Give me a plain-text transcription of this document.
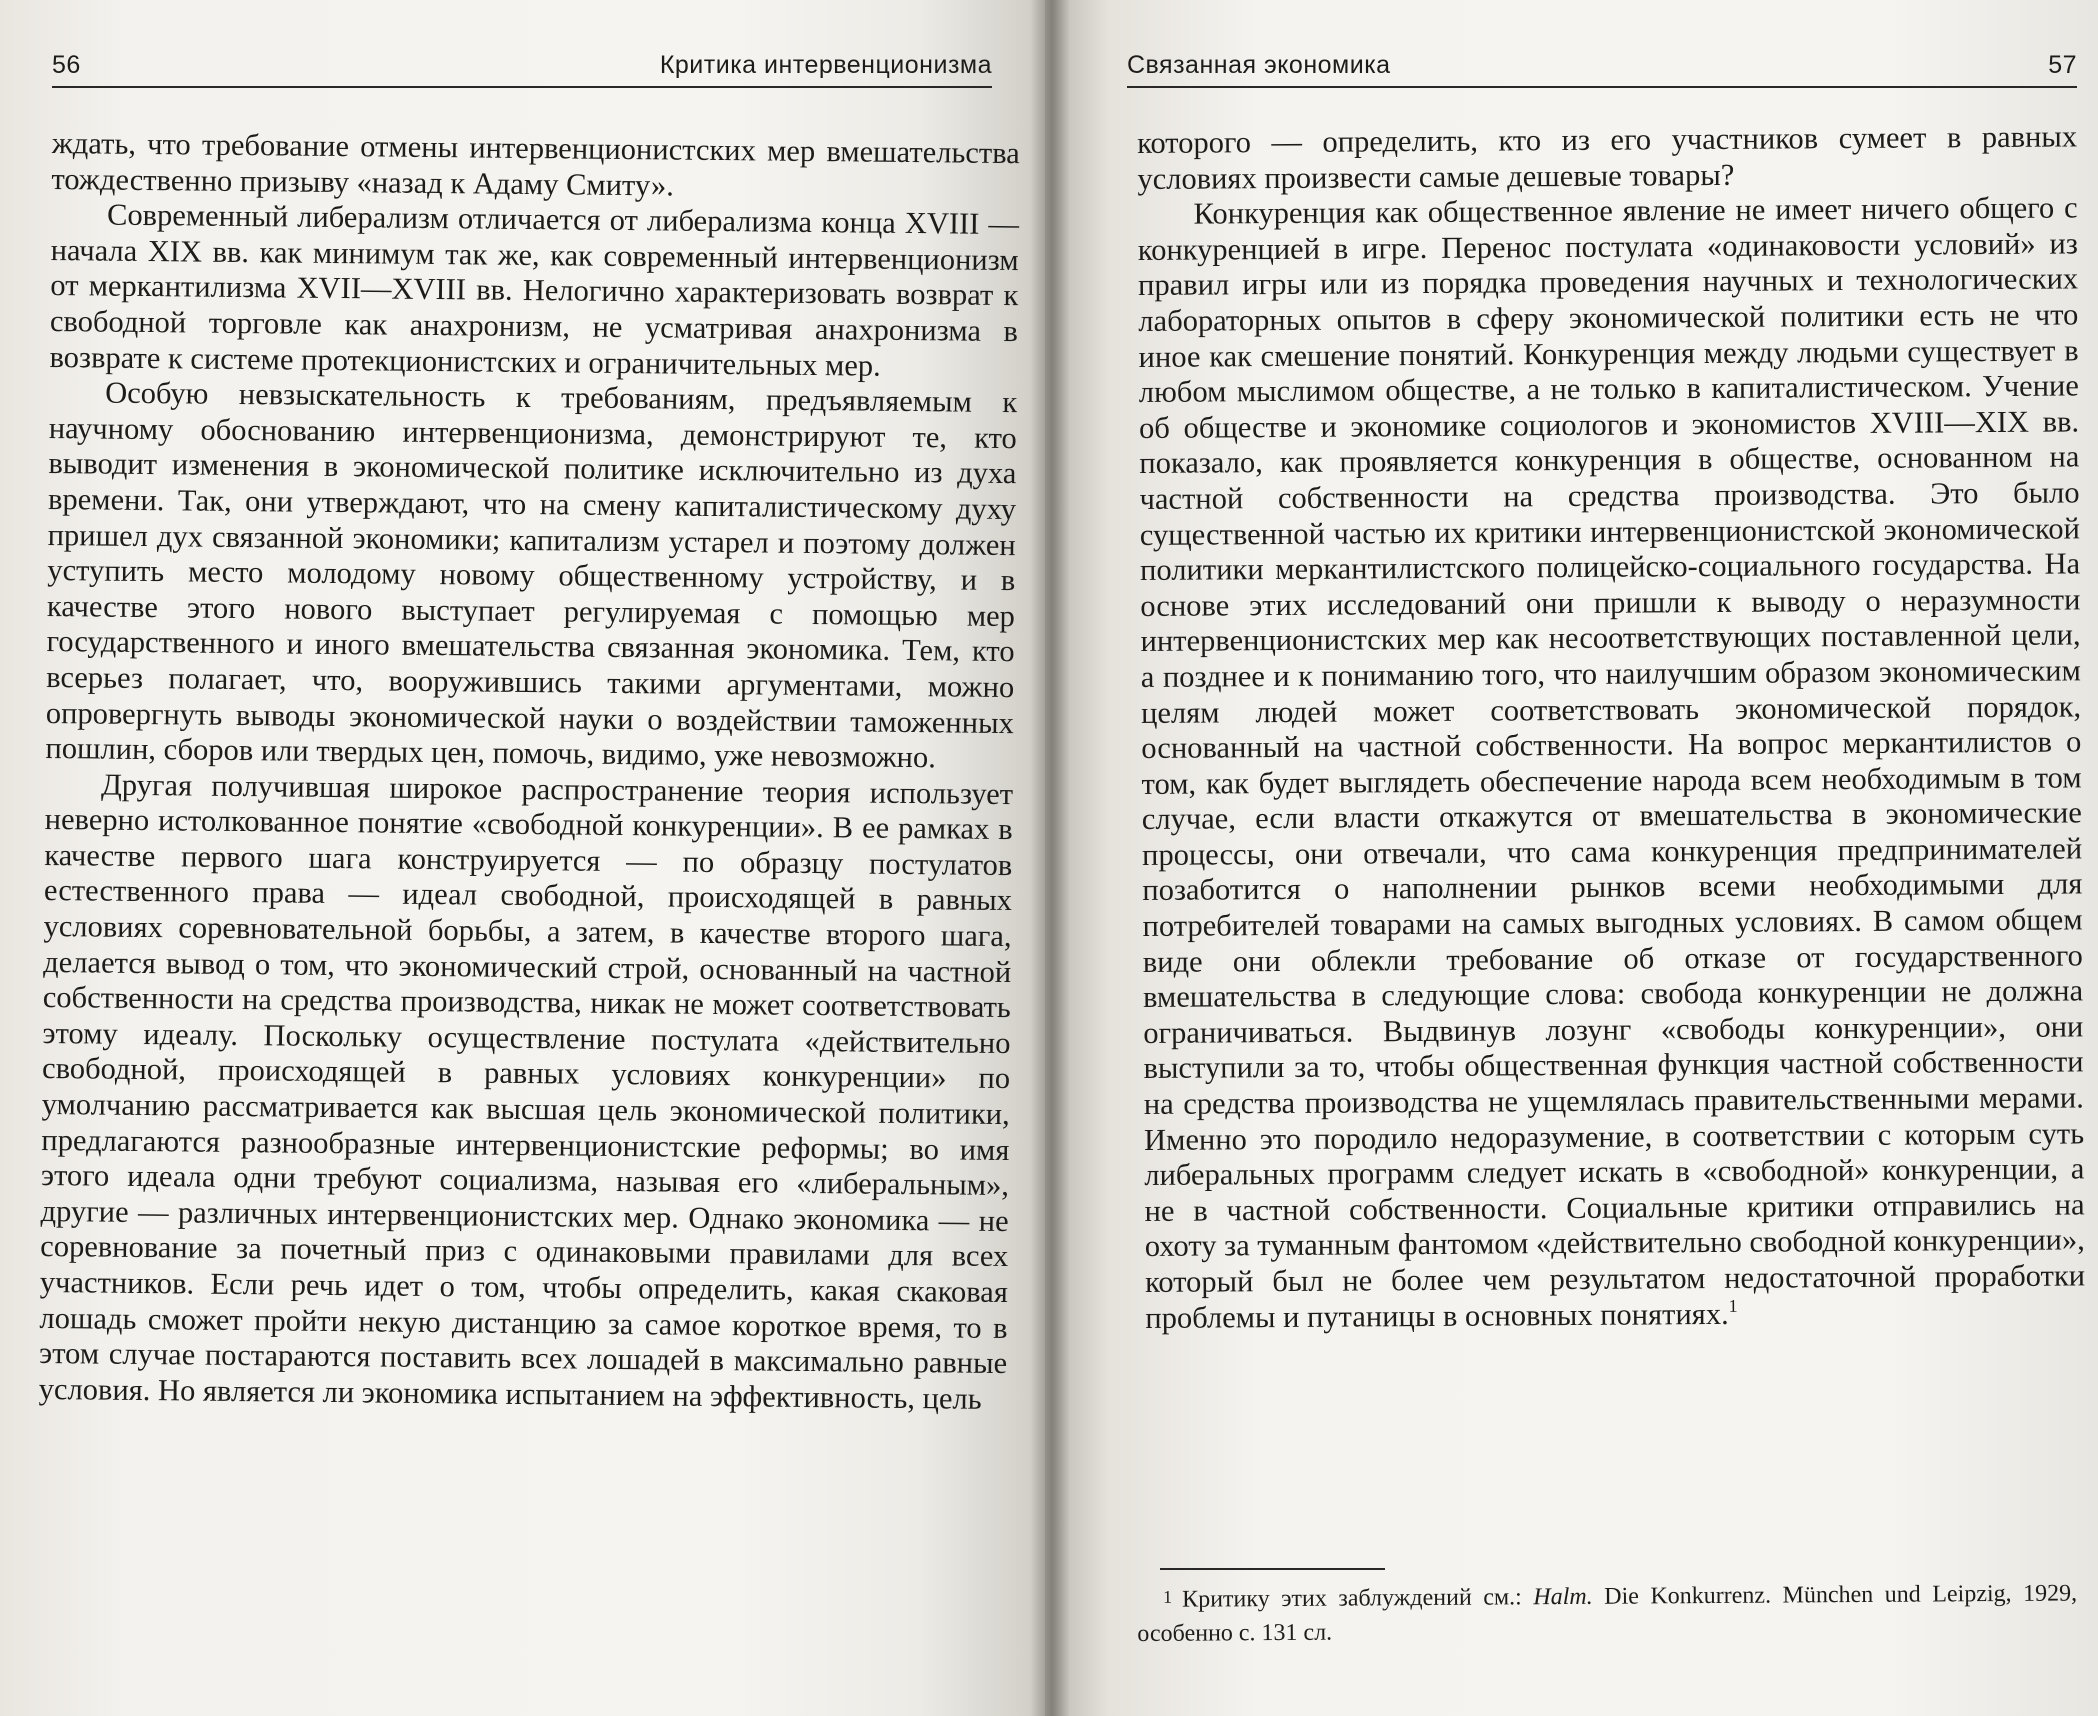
56	Критика интервенционизма

ждать, что требование отмены интервенционистских мер вмешательства тождественно призыву «назад к Адаму Смиту».

Современный либерализм отличается от либерализма конца XVIII — начала XIX вв. как минимум так же, как современный интервенционизм от меркантилизма XVII—XVIII вв. Нелогично характеризовать возврат к свободной торговле как анахронизм, не усматривая анахронизма в возврате к системе протекционистских и ограничительных мер.

Особую невзыскательность к требованиям, предъявляемым к научному обоснованию интервенционизма, демонстрируют те, кто выводит изменения в экономической политике исключительно из духа времени. Так, они утверждают, что на смену капиталистическому духу пришел дух связанной экономики; капитализм устарел и поэтому должен уступить место молодому новому общественному устройству, и в качестве этого нового выступает регулируемая с помощью мер государственного и иного вмешательства связанная экономика. Тем, кто всерьез полагает, что, вооружившись такими аргументами, можно опровергнуть выводы экономической науки о воздействии таможенных пошлин, сборов или твердых цен, помочь, видимо, уже невозможно.

Другая получившая широкое распространение теория использует неверно истолкованное понятие «свободной конкуренции». В ее рамках в качестве первого шага конструируется — по образцу постулатов естественного права — идеал свободной, происходящей в равных условиях соревновательной борьбы, а затем, в качестве второго шага, делается вывод о том, что экономический строй, основанный на частной собственности на средства производства, никак не может соответствовать этому идеалу. Поскольку осуществление постулата «действительно свободной, происходящей в равных условиях конкуренции» по умолчанию рассматривается как высшая цель экономической политики, предлагаются разнообразные интервенционистские реформы; во имя этого идеала одни требуют социализма, называя его «либеральным», другие — различных интервенционистских мер. Однако экономика — не соревнование за почетный приз с одинаковыми правилами для всех участников. Если речь идет о том, чтобы определить, какая скаковая лошадь сможет пройти некую дистанцию за самое короткое время, то в этом случае постараются поставить всех лошадей в максимально равные условия. Но является ли экономика испытанием на эффективность, цель

Связанная экономика	57

которого — определить, кто из его участников сумеет в равных условиях произвести самые дешевые товары?

Конкуренция как общественное явление не имеет ничего общего с конкуренцией в игре. Перенос постулата «одинаковости условий» из правил игры или из порядка проведения научных и технологических лабораторных опытов в сферу экономической политики есть не что иное как смешение понятий. Конкуренция между людьми существует в любом мыслимом обществе, а не только в капиталистическом. Учение об обществе и экономике социологов и экономистов XVIII—XIX вв. показало, как проявляется конкуренция в обществе, основанном на частной собственности на средства производства. Это было существенной частью их критики интервенционистской экономической политики меркантилистского полицейско-социального государства. На основе этих исследований они пришли к выводу о неразумности интервенционистских мер как несоответствующих поставленной цели, а позднее и к пониманию того, что наилучшим образом экономическим целям людей может соответствовать экономической порядок, основанный на частной собственности. На вопрос меркантилистов о том, как будет выглядеть обеспечение народа всем необходимым в том случае, если власти откажутся от вмешательства в экономические процессы, они отвечали, что сама конкуренция предпринимателей позаботится о наполнении рынков всеми необходимыми для потребителей товарами на самых выгодных условиях. В самом общем виде они облекли требование об отказе от государственного вмешательства в следующие слова: свобода конкуренции не должна ограничиваться. Выдвинув лозунг «свободы конкуренции», они выступили за то, чтобы общественная функция частной собственности на средства производства не ущемлялась правительственными мерами. Именно это породило недоразумение, в соответствии с которым суть либеральных программ следует искать в «свободной» конкуренции, а не в частной собственности. Социальные критики отправились на охоту за туманным фантомом «действительно свободной конкуренции», который был не более чем результатом недостаточной проработки проблемы и путаницы в основных понятиях.$^1$

1 Критику этих заблуждений см.: Halm. Die Konkurrenz. München und Leipzig, 1929, особенно с. 131 сл.
